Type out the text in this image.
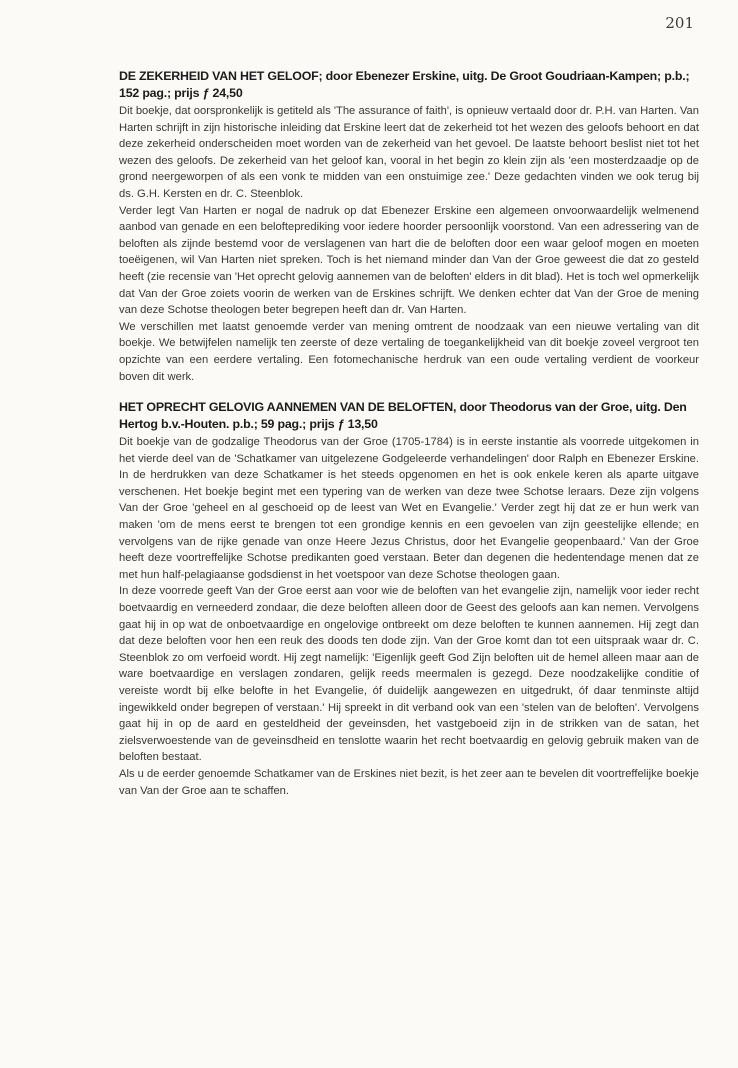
201
DE ZEKERHEID VAN HET GELOOF; door Ebenezer Erskine, uitg. De Groot Goudriaan-Kampen; p.b.; 152 pag.; prijs ƒ 24,50

Dit boekje, dat oorspronkelijk is getiteld als 'The assurance of faith', is opnieuw vertaald door dr. P.H. van Harten. Van Harten schrijft in zijn historische inleiding dat Erskine leert dat de zekerheid tot het wezen des geloofs behoort en dat deze zekerheid onderscheiden moet worden van de zekerheid van het gevoel. De laatste behoort beslist niet tot het wezen des geloofs. De zekerheid van het geloof kan, vooral in het begin zo klein zijn als 'een mosterdzaadje op de grond neergeworpen of als een vonk te midden van een onstuimige zee.' Deze gedachten vinden we ook terug bij ds. G.H. Kersten en dr. C. Steenblok.

Verder legt Van Harten er nogal de nadruk op dat Ebenezer Erskine een algemeen onvoorwaardelijk welmenend aanbod van genade en een belofteprediking voor iedere hoorder persoonlijk voorstond. Van een adressering van de beloften als zijnde bestemd voor de verslagenen van hart die de beloften door een waar geloof mogen en moeten toeëigenen, wil Van Harten niet spreken. Toch is het niemand minder dan Van der Groe geweest die dat zo gesteld heeft (zie recensie van 'Het oprecht gelovig aannemen van de beloften' elders in dit blad). Het is toch wel opmerkelijk dat Van der Groe zoiets voorin de werken van de Erskines schrijft. We denken echter dat Van der Groe de mening van deze Schotse theologen beter begrepen heeft dan dr. Van Harten.

We verschillen met laatst genoemde verder van mening omtrent de noodzaak van een nieuwe vertaling van dit boekje. We betwijfelen namelijk ten zeerste of deze vertaling de toegankelijkheid van dit boekje zoveel vergroot ten opzichte van een eerdere vertaling. Een fotomechanische herdruk van een oude vertaling verdient de voorkeur boven dit werk.

HET OPRECHT GELOVIG AANNEMEN VAN DE BELOFTEN, door Theodorus van der Groe, uitg. Den Hertog b.v.-Houten. p.b.; 59 pag.; prijs ƒ 13,50

Dit boekje van de godzalige Theodorus van der Groe (1705-1784) is in eerste instantie als voorrede uitgekomen in het vierde deel van de 'Schatkamer van uitgelezene Godgeleerde verhandelingen' door Ralph en Ebenezer Erskine. In de herdrukken van deze Schatkamer is het steeds opgenomen en het is ook enkele keren als aparte uitgave verschenen. Het boekje begint met een typering van de werken van deze twee Schotse leraars. Deze zijn volgens Van der Groe 'geheel en al geschoeid op de leest van Wet en Evangelie.' Verder zegt hij dat ze er hun werk van maken 'om de mens eerst te brengen tot een grondige kennis en een gevoelen van zijn geestelijke ellende; en vervolgens van de rijke genade van onze Heere Jezus Christus, door het Evangelie geopenbaard.' Van der Groe heeft deze voortreffelijke Schotse predikanten goed verstaan. Beter dan degenen die hedentendage menen dat ze met hun half-pelagiaanse godsdienst in het voetspoor van deze Schotse theologen gaan.

In deze voorrede geeft Van der Groe eerst aan voor wie de beloften van het evangelie zijn, namelijk voor ieder recht boetvaardig en verneederd zondaar, die deze beloften alleen door de Geest des geloofs aan kan nemen. Vervolgens gaat hij in op wat de onboetvaardige en ongelovige ontbreekt om deze beloften te kunnen aannemen. Hij zegt dan dat deze beloften voor hen een reuk des doods ten dode zijn. Van der Groe komt dan tot een uitspraak waar dr. C. Steenblok zo om verfoeid wordt. Hij zegt namelijk: 'Eigenlijk geeft God Zijn beloften uit de hemel alleen maar aan de ware boetvaardige en verslagen zondaren, gelijk reeds meermalen is gezegd. Deze noodzakelijke conditie of vereiste wordt bij elke belofte in het Evangelie, óf duidelijk aangewezen en uitgedrukt, óf daar tenminste altijd ingewikkeld onder begrepen of verstaan.' Hij spreekt in dit verband ook van een 'stelen van de beloften'. Vervolgens gaat hij in op de aard en gesteldheid der geveinsden, het vastgeboeid zijn in de strikken van de satan, het zielsverwoestende van de geveinsdheid en tenslotte waarin het recht boetvaardig en gelovig gebruik maken van de beloften bestaat.

Als u de eerder genoemde Schatkamer van de Erskines niet bezit, is het zeer aan te bevelen dit voortreffelijke boekje van Van der Groe aan te schaffen.
